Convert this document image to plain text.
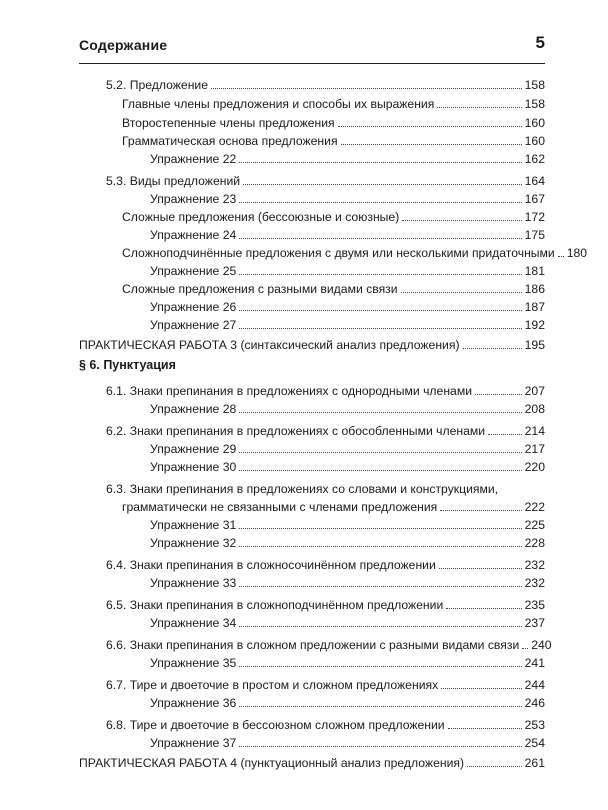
Содержание	5
5.2. Предложение	158
Главные члены предложения и способы их выражения	158
Второстепенные члены предложения	160
Грамматическая основа предложения	160
Упражнение 22	162
5.3. Виды предложений	164
Упражнение 23	167
Сложные предложения (бессоюзные и союзные)	172
Упражнение 24	175
Сложноподчинённые предложения с двумя или несколькими придаточными 180
Упражнение 25	181
Сложные предложения с разными видами связи	186
Упражнение 26	187
Упражнение 27	192
ПРАКТИЧЕСКАЯ РАБОТА 3 (синтаксический анализ предложения)	195
§ 6. Пунктуация
6.1. Знаки препинания в предложениях с однородными членами	207
Упражнение 28	208
6.2. Знаки препинания в предложениях с обособленными членами	214
Упражнение 29	217
Упражнение 30	220
6.3. Знаки препинания в предложениях со словами и конструкциями,
грамматически не связанными с членами предложения	222
Упражнение 31	225
Упражнение 32	228
6.4. Знаки препинания в сложносочинённом предложении	232
Упражнение 33	232
6.5. Знаки препинания в сложноподчинённом предложении	235
Упражнение 34	237
6.6. Знаки препинания в сложном предложении с разными видами связи 240
Упражнение 35	241
6.7. Тире и двоеточие в простом и сложном предложениях	244
Упражнение 36	246
6.8. Тире и двоеточие в бессоюзном сложном предложении	253
Упражнение 37	254
ПРАКТИЧЕСКАЯ РАБОТА 4 (пунктуационный анализ предложения)	261
